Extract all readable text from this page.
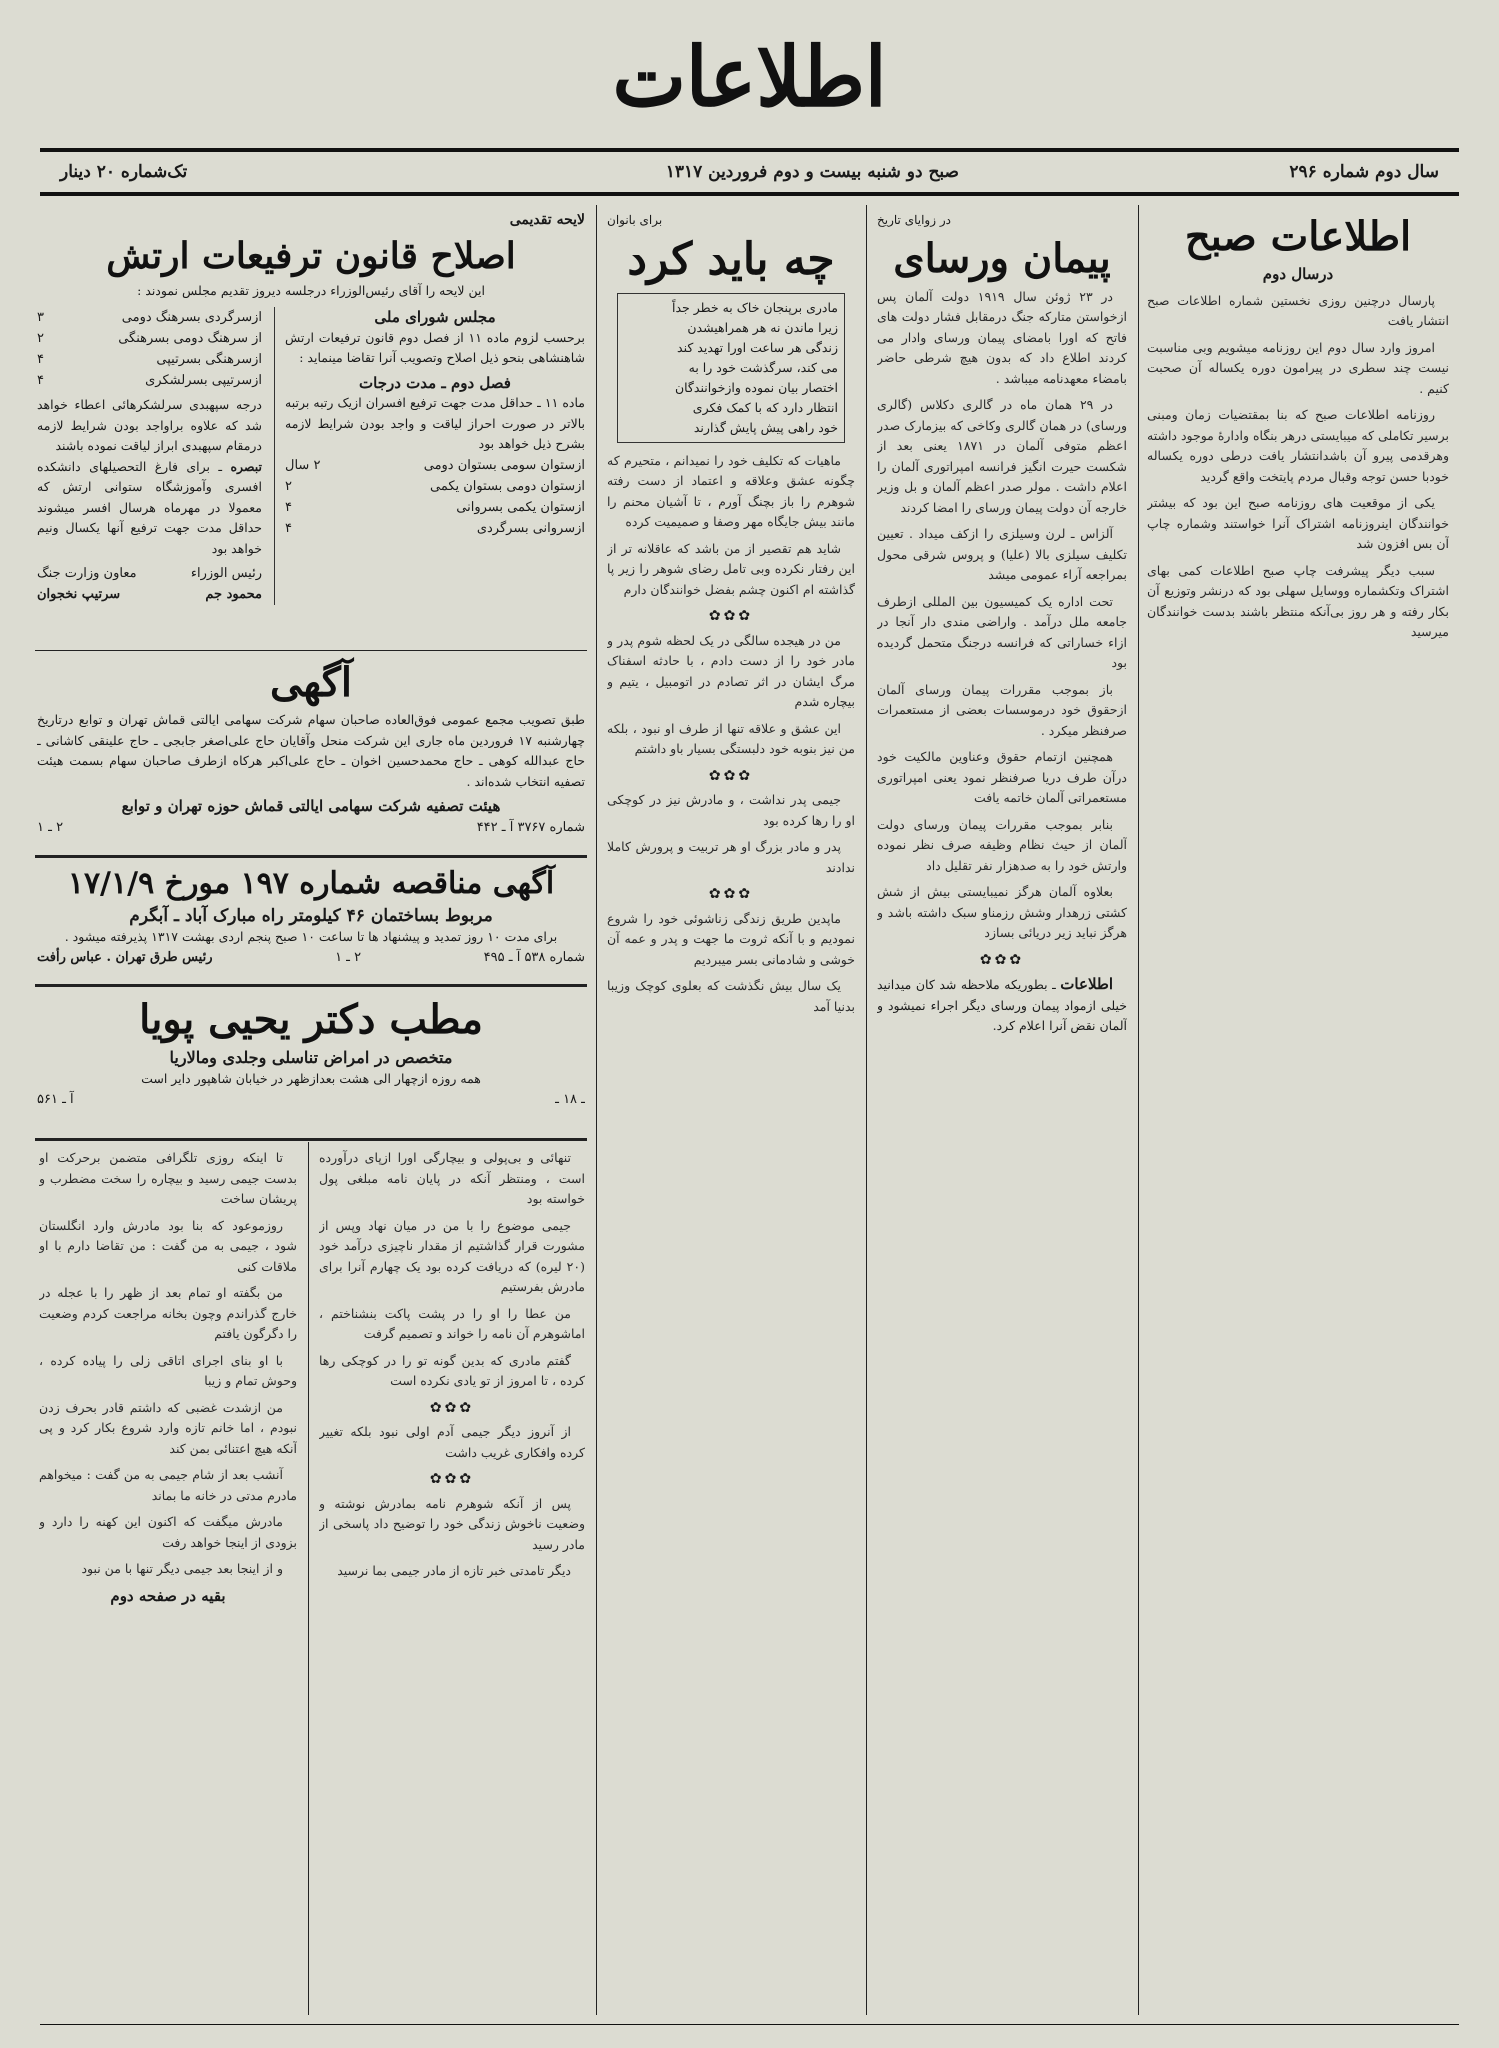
اطلاعات
سال دوم شماره ۲۹۶
صبح دو شنبه بیست و دوم فروردین ۱۳۱۷
تک‌شماره ۲۰ دینار
اطلاعات صبح
درسال دوم

پارسال درچنین روزی نخستین شماره اطلاعات صبح انتشار یافت

امروز وارد سال دوم این روزنامه میشویم وبی مناسبت نیست چند سطری در پیرامون دوره یکساله آن صحبت کنیم .

روزنامه اطلاعات صبح که بنا بمقتضیات زمان ومبنی برسیر تکاملی که میبایستی درهر بنگاه وادارۀ موجود داشته وهرقدمی پیرو آن باشدانتشار یافت درطی دوره یکساله خودبا حسن توجه وقبال مردم پایتخت واقع گردید

یکی از موقعیت های روزنامه صبح این بود که بیشتر خوانندگان اینروزنامه اشتراک آنرا خواستند وشماره چاپ آن بس افزون شد

سبب دیگر پیشرفت چاپ صبح اطلاعات کمی بهای اشتراک وتکشماره ووسایل سهلی بود که درنشر وتوزیع آن بکار رفته و هر روز بی‌آنکه منتظر باشند بدست خوانندگان میرسید

در زوایای تاریخ
پیمان ورسای

در ۲۳ ژوئن سال ۱۹۱۹ دولت آلمان پس ازخواستن متارکه جنگ درمقابل فشار دولت های فاتح که اورا بامضای پیمان ورسای وادار می کردند اطلاع داد که بدون هیچ شرطی حاضر بامضاء معهدنامه میباشد .

در ۲۹ همان ماه در گالری دکلاس (گالری ورسای) در همان گالری وکاخی که بیزمارک صدر اعظم متوفی آلمان در ۱۸۷۱ یعنی بعد از شکست حیرت انگیز فرانسه امپراتوری آلمان را اعلام داشت . مولر صدر اعظم آلمان و بل وزیر خارجه آن دولت پیمان ورسای را امضا کردند

آلزاس ـ لرن وسیلزی را ازکف میداد . تعیین تکلیف سیلزی بالا (علیا) و پروس شرقی محول بمراجعه آراء عمومی میشد

تحت اداره یک کمیسیون بین المللی ازطرف جامعه ملل درآمد . واراضی مندی دار آنجا در ازاء خساراتی که فرانسه درجنگ متحمل گردیده بود

باز بموجب مقررات پیمان ورسای آلمان ازحقوق خود درموسسات بعضی از مستعمرات صرفنظر میکرد .

همچنین ازتمام حقوق وعناوین مالکیت خود درآن طرف دریا صرفنظر نمود یعنی امپراتوری مستعمراتی آلمان خاتمه یافت

بنابر بموجب مقررات پیمان ورسای دولت آلمان از حیث نظام وظیفه صرف نظر نموده وارتش خود را به صدهزار نفر تقلیل داد

بعلاوه آلمان هرگز نمیبایستی بیش از شش کشتی زرهدار وشش رزمناو سبک داشته باشد و هرگز نباید زیر دریائی بسازد

✿✿✿

اطلاعات ـ بطوریکه ملاحظه شد کان میدانید خیلی ازمواد پیمان ورسای دیگر اجراء نمیشود و آلمان نقض آنرا اعلام کرد.

برای بانوان
چه باید کرد
مادری برپنجان خاک به خطر جداً
زیرا ماندن نه هر همراهیشدن
زندگی هر ساعت اورا تهدید کند
می کند، سرگذشت خود را به
اختصار بیان نموده وازخوانندگان
انتظار دارد که با کمک فکری
خود راهی پیش پایش گذارند

ماهیات که تکلیف خود را نمیدانم ، متحیرم که چگونه عشق وعلاقه و اعتماد از دست رفته شوهرم را باز بچنگ آورم ، تا آشیان محنم را مانند بیش جایگاه مهر وصفا و صمیمیت کرده

شاید هم تقصیر از من باشد که عاقلانه تر از این رفتار نکرده وبی تامل رضای شوهر را زیر پا گذاشته ام اکنون چشم بفضل خوانندگان دارم

✿✿✿

من در هیجده سالگی در یک لحظه شوم پدر و مادر خود را از دست دادم ، با حادثه اسفناک مرگ ایشان در اثر تصادم در اتومبیل ، یتیم و بیچاره شدم

این عشق و علاقه تنها از طرف او نبود ، بلکه من نیز بنوبه خود دلبستگی بسیار باو داشتم

✿✿✿

جیمی پدر نداشت ، و مادرش نیز در کوچکی او را رها کرده بود

پدر و مادر بزرگ او هر تربیت و پرورش کاملا ندادند

✿✿✿

ماپدین طریق زندگی زناشوئی خود را شروع نمودیم و با آنکه ثروت ما جهت و پدر و عمه آن خوشی و شادمانی بسر میبردیم

یک سال بیش نگذشت که بعلوی کوچک وزیبا بدنیا آمد

لایحه تقدیمی
اصلاح قانون ترفیعات ارتش
این لایحه را آقای رئیس‌الوزراء درجلسه دیروز تقدیم مجلس نمودند :
مجلس شورای ملی
برحسب لزوم ماده ۱۱ از فصل دوم قانون ترفیعات ارتش شاهنشاهی بنحو ذیل اصلاح وتصویب آنرا تقاضا مینماید :
فصل دوم ـ مدت درجات
ماده ۱۱ ـ حداقل مدت جهت ترفیع افسران ازیک رتبه برتبه بالاتر در صورت احراز لیاقت و واجد بودن شرایط لازمه بشرح ذیل خواهد بود
ازستوان سومی بستوان دومی
۲ سال
ازستوان دومی بستوان یکمی
۲
ازستوان یکمی بسروانی
۴
ازسروانی بسرگردی
۴
ازسرگردی بسرهنگ دومی
۳
از سرهنگ دومی بسرهنگی
۲
ازسرهنگی بسرتیپی
۴
ازسرتیپی بسرلشکری
۴
درجه سپهبدی سرلشکرهائی اعطاء خواهد شد که علاوه براواجد بودن شرایط لازمه درمقام سپهبدی ابراز لیاقت نموده باشند
تبصره ـ برای فارغ التحصیلهای دانشکده افسری وآموزشگاه ستوانی ارتش که معمولا در مهرماه هرسال افسر میشوند حداقل مدت جهت ترفیع آنها یکسال ونیم خواهد بود
رئیس الوزراء
معاون وزارت جنگ
محمود جم
سرتیپ نخجوان
آگهی
طبق تصویب مجمع عمومی فوق‌العاده صاحبان سهام شرکت سهامی ایالتی قماش تهران و توابع درتاریخ چهارشنبه ۱۷ فروردین ماه جاری این شرکت منحل وآقایان حاج علی‌اصغر جابجی ـ حاج علینقی کاشانی ـ حاج عبدالله کوهی ـ حاج محمدحسین اخوان ـ حاج علی‌اکبر هرکاه ازطرف صاحبان سهام بسمت هیئت تصفیه انتخاب شده‌اند .
هیئت تصفیه شرکت سهامی ایالتی قماش حوزه تهران و توابع
شماره ۳۷۶۷ آ ـ ۴۴۲
۲ ـ ۱
آگهی مناقصه شماره ۱۹۷ مورخ ۱۷/۱/۹
مربوط بساختمان ۴۶ کیلومتر راه مبارک آباد ـ آبگرم
برای مدت ۱۰ روز تمدید و پیشنهاد ها تا ساعت ۱۰ صبح پنجم اردی بهشت ۱۳۱۷ پذیرفته میشود .
شماره ۵۳۸ آ ـ ۴۹۵
۲ ـ ۱
رئیس طرق تهران . عباس رأفت
مطب دکتر یحیی پویا
متخصص در امراض تناسلی وجلدی ومالاریا
همه روزه ازچهار الی هشت بعدازظهر در خیابان شاهپور دایر است
ـ ۱۸ ـ
آ ـ ۵۶۱

تنهائی و بی‌پولی و بیچارگی اورا ازپای درآورده است ، ومنتظر آنکه در پایان نامه مبلغی پول خواسته بود

جیمی موضوع را با من در میان نهاد وپس از مشورت قرار گذاشتیم از مقدار ناچیزی درآمد خود (۲۰ لیره) که دریافت کرده بود یک چهارم آنرا برای مادرش بفرستیم

من عطا را او را در پشت پاکت بنشناختم ، اماشوهرم آن نامه را خواند و تصمیم گرفت

گفتم مادری که بدین گونه تو را در کوچکی رها کرده ، تا امروز از تو یادی نکرده است

✿✿✿

از آنروز دیگر جیمی آدم اولی نبود بلکه تغییر کرده وافکاری غریب داشت

✿✿✿

پس از آنکه شوهرم نامه بمادرش نوشته و وضعیت ناخوش زندگی خود را توضیح داد پاسخی از مادر رسید

دیگر تامدتی خبر تازه از مادر جیمی بما نرسید

تا اینکه روزی تلگرافی متضمن برحرکت او بدست جیمی رسید و بیچاره را سخت مضطرب و پریشان ساخت

روزموعود که بنا بود مادرش وارد انگلستان شود ، جیمی به من گفت : من تقاضا دارم با او ملاقات کنی

من بگفته او تمام بعد از ظهر را با عجله در خارج گذراندم وچون بخانه مراجعت کردم وضعیت را دگرگون یافتم

با او بنای اجرای اتاقی زلی را پیاده کرده ، وحوش تمام و زیبا

من ازشدت غضبی که داشتم قادر بحرف زدن نبودم ، اما خانم تازه وارد شروع بکار کرد و پی آنکه هیچ اعتنائی بمن کند

آنشب بعد از شام جیمی به من گفت : میخواهم مادرم مدتی در خانه ما بماند

مادرش میگفت که اکنون این کهنه را دارد و بزودی از اینجا خواهد رفت

و از اینجا بعد جیمی دیگر تنها با من نبود

بقیه در صفحه دوم
